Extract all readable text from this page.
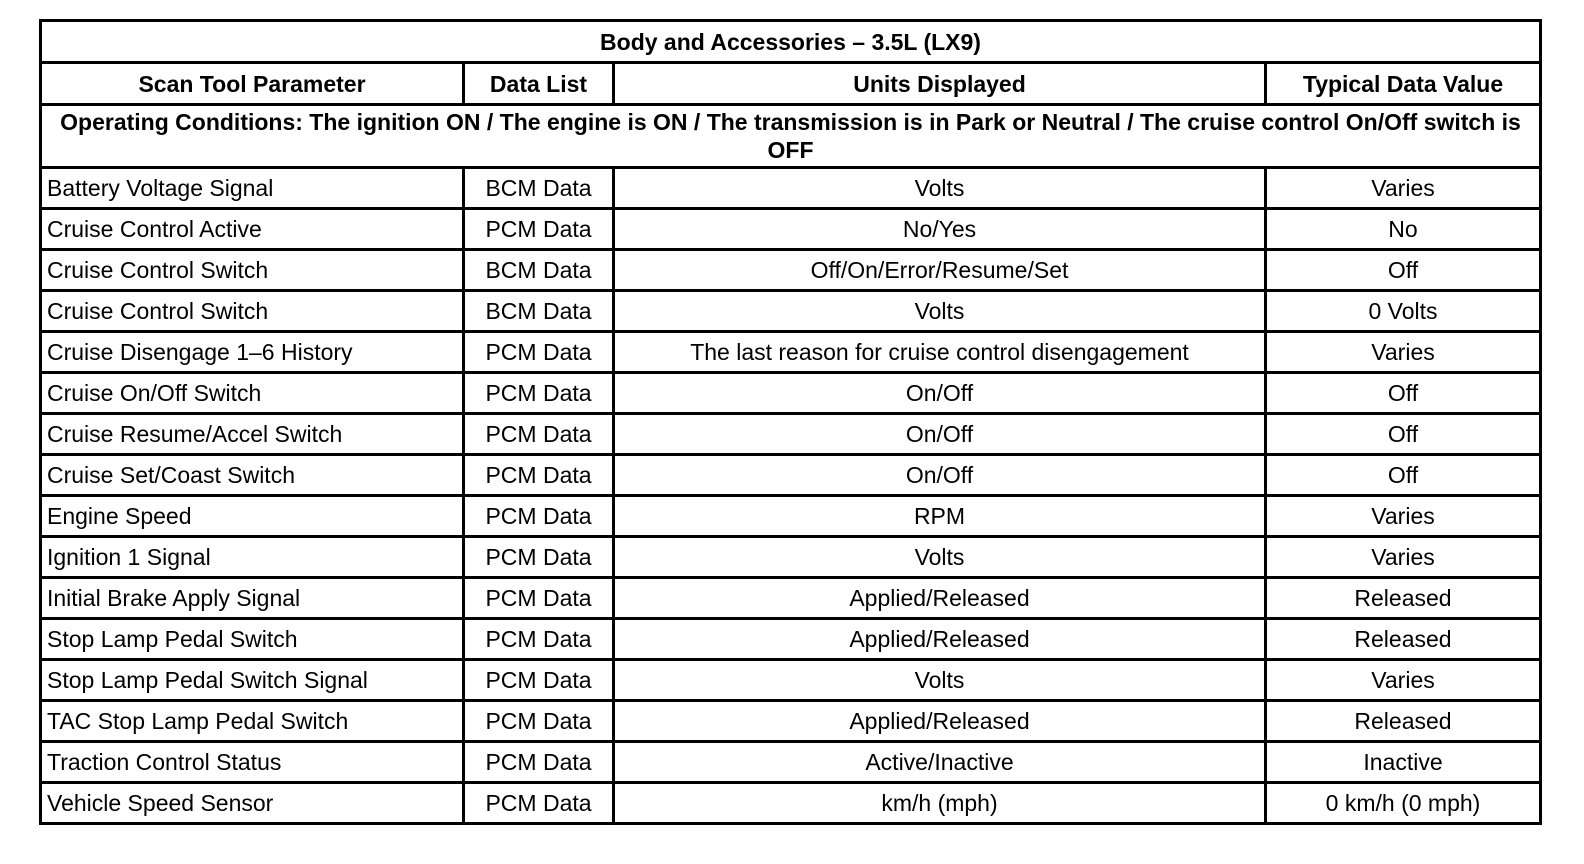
Body and Accessories – 3.5L (LX9)			
Scan Tool Parameter	Data List	Units Displayed	Typical Data Value
Operating Conditions: The ignition ON / The engine is ON / The transmission is in Park or Neutral / The cruise control On/Off switch is OFF			
Battery Voltage Signal	BCM Data	Volts	Varies
Cruise Control Active	PCM Data	No/Yes	No
Cruise Control Switch	BCM Data	Off/On/Error/Resume/Set	Off
Cruise Control Switch	BCM Data	Volts	0 Volts
Cruise Disengage 1–6 History	PCM Data	The last reason for cruise control disengagement	Varies
Cruise On/Off Switch	PCM Data	On/Off	Off
Cruise Resume/Accel Switch	PCM Data	On/Off	Off
Cruise Set/Coast Switch	PCM Data	On/Off	Off
Engine Speed	PCM Data	RPM	Varies
Ignition 1 Signal	PCM Data	Volts	Varies
Initial Brake Apply Signal	PCM Data	Applied/Released	Released
Stop Lamp Pedal Switch	PCM Data	Applied/Released	Released
Stop Lamp Pedal Switch Signal	PCM Data	Volts	Varies
TAC Stop Lamp Pedal Switch	PCM Data	Applied/Released	Released
Traction Control Status	PCM Data	Active/Inactive	Inactive
Vehicle Speed Sensor	PCM Data	km/h (mph)	0 km/h (0 mph)
